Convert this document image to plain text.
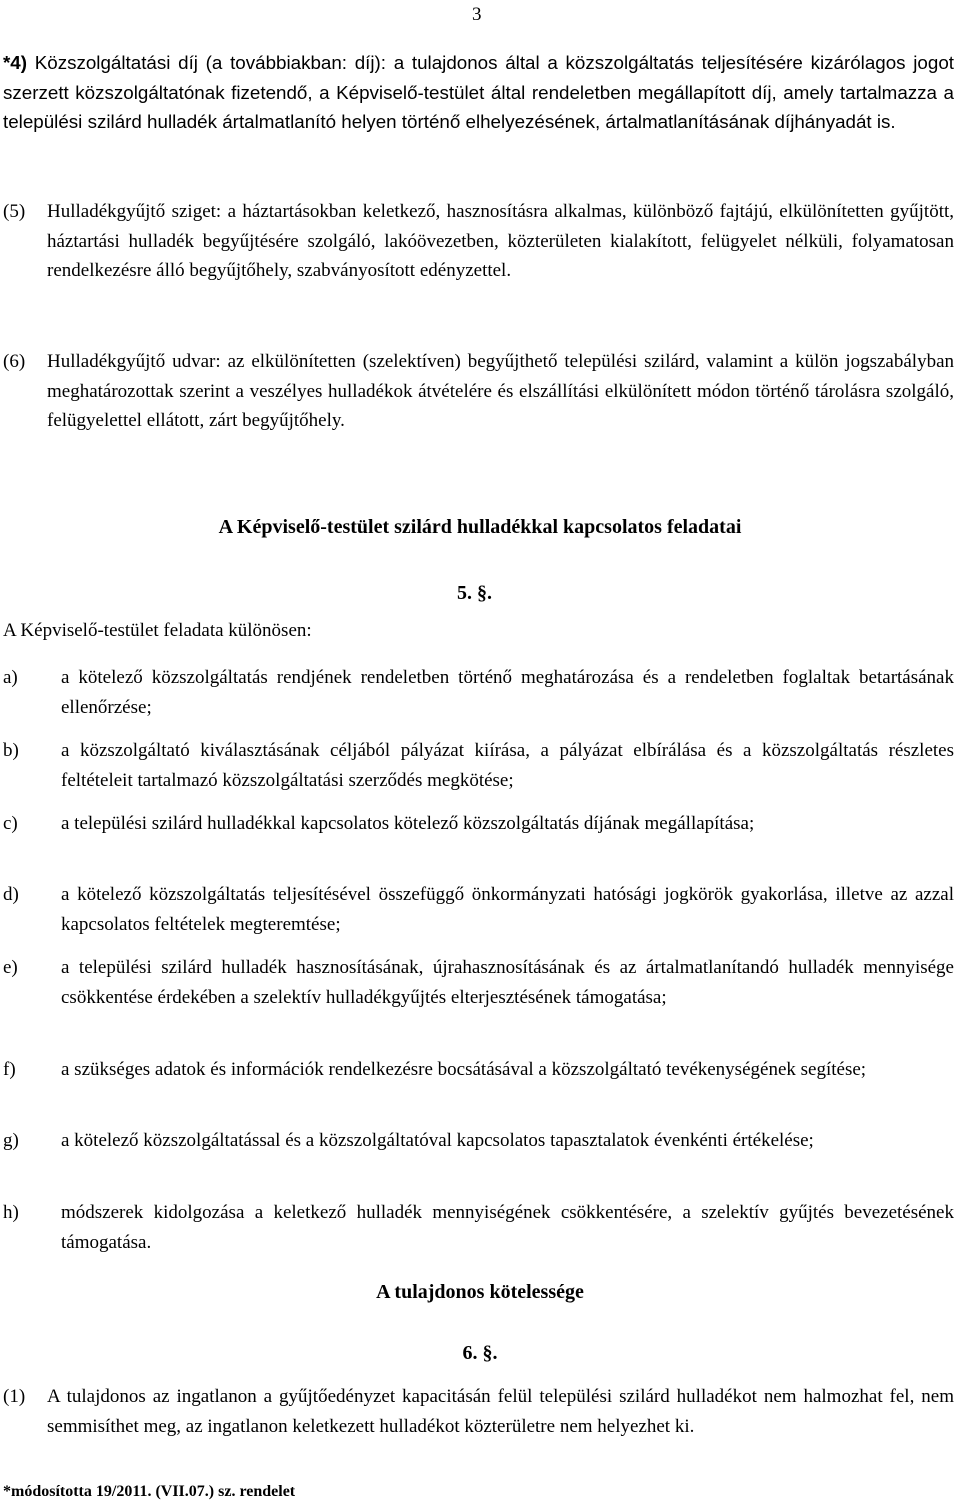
3
*4) Közszolgáltatási díj (a továbbiakban: díj): a tulajdonos által a közszolgáltatás teljesítésére kizárólagos jogot szerzett közszolgáltatónak fizetendő, a Képviselő-testület által rendeletben megállapított díj, amely tartalmazza a települési szilárd hulladék ártalmatlanító helyen történő elhelyezésének, ártalmatlanításának díjhányadát is.
(5) Hulladékgyűjtő sziget: a háztartásokban keletkező, hasznosításra alkalmas, különböző fajtájú, elkülönítetten gyűjtött, háztartási hulladék begyűjtésére szolgáló, lakóövezetben, közterületen kialakított, felügyelet nélküli, folyamatosan rendelkezésre álló begyűjtőhely, szabványosított edényzettel.
(6) Hulladékgyűjtő udvar: az elkülönítetten (szelektíven) begyűjthető települési szilárd, valamint a külön jogszabályban meghatározottak szerint a veszélyes hulladékok átvételére és elszállítási elkülönített módon történő tárolásra szolgáló, felügyelettel ellátott, zárt begyűjtőhely.
A Képviselő-testület szilárd hulladékkal kapcsolatos feladatai
5. §.
A Képviselő-testület feladata különösen:
a) a kötelező közszolgáltatás rendjének rendeletben történő meghatározása és a rendeletben foglaltak betartásának ellenőrzése;
b) a közszolgáltató kiválasztásának céljából pályázat kiírása, a pályázat elbírálása és a közszolgáltatás részletes feltételeit tartalmazó közszolgáltatási szerződés megkötése;
c) a települési szilárd hulladékkal kapcsolatos kötelező közszolgáltatás díjának megállapítása;
d) a kötelező közszolgáltatás teljesítésével összefüggő önkormányzati hatósági jogkörök gyakorlása, illetve az azzal kapcsolatos feltételek megteremtése;
e) a települési szilárd hulladék hasznosításának, újrahasznosításának és az ártalmatlanítandó hulladék mennyisége csökkentése érdekében a szelektív hulladékgyűjtés elterjesztésének támogatása;
f) a szükséges adatok és információk rendelkezésre bocsátásával a közszolgáltató tevékenységének segítése;
g) a kötelező közszolgáltatással és a közszolgáltatóval kapcsolatos tapasztalatok évenkénti értékelése;
h) módszerek kidolgozása a keletkező hulladék mennyiségének csökkentésére, a szelektív gyűjtés bevezetésének támogatása.
A tulajdonos kötelessége
6. §.
(1) A tulajdonos az ingatlanon a gyűjtőedényzet kapacitásán felül települési szilárd hulladékot nem halmozhat fel, nem semmisíthet meg, az ingatlanon keletkezett hulladékot közterületre nem helyezhet ki.
*módosította 19/2011. (VII.07.) sz. rendelet
